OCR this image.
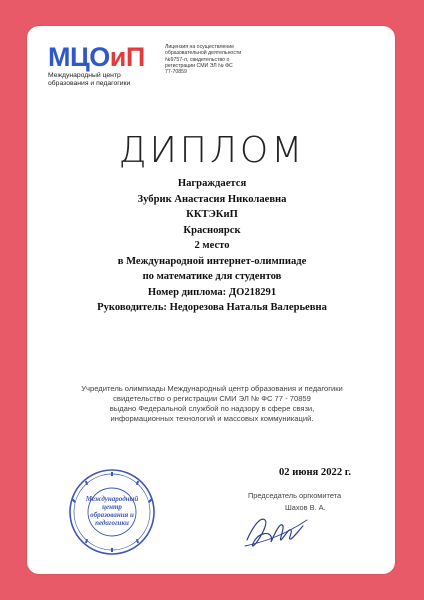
МЦОиП
Международный центр
образования и педагогики
Лицензия на осуществление
образовательной деятельности
№9757-л, свидетельство о
регистрации СМИ ЭЛ № ФС
77-70859
ДИПЛОМ
Награждается
Зубрик Анастасия Николаевна
ККТЭКиП
Красноярск
2 место
в Международной интернет-олимпиаде
по математике для студентов
Номер диплома: ДО218291
Руководитель: Недорезова Наталья Валерьевна
Учредитель олимпиады Международный центр образования и педагогики
свидетельство о регистрации СМИ ЭЛ № ФС 77 - 70859
выдано Федеральной службой по надзору в сфере связи,
информационных технологий и массовых коммуникаций.
02 июня 2022 г.
Председатель оргкомитета
Шахов В. А.
Международный
центр
образования и
педагогики
